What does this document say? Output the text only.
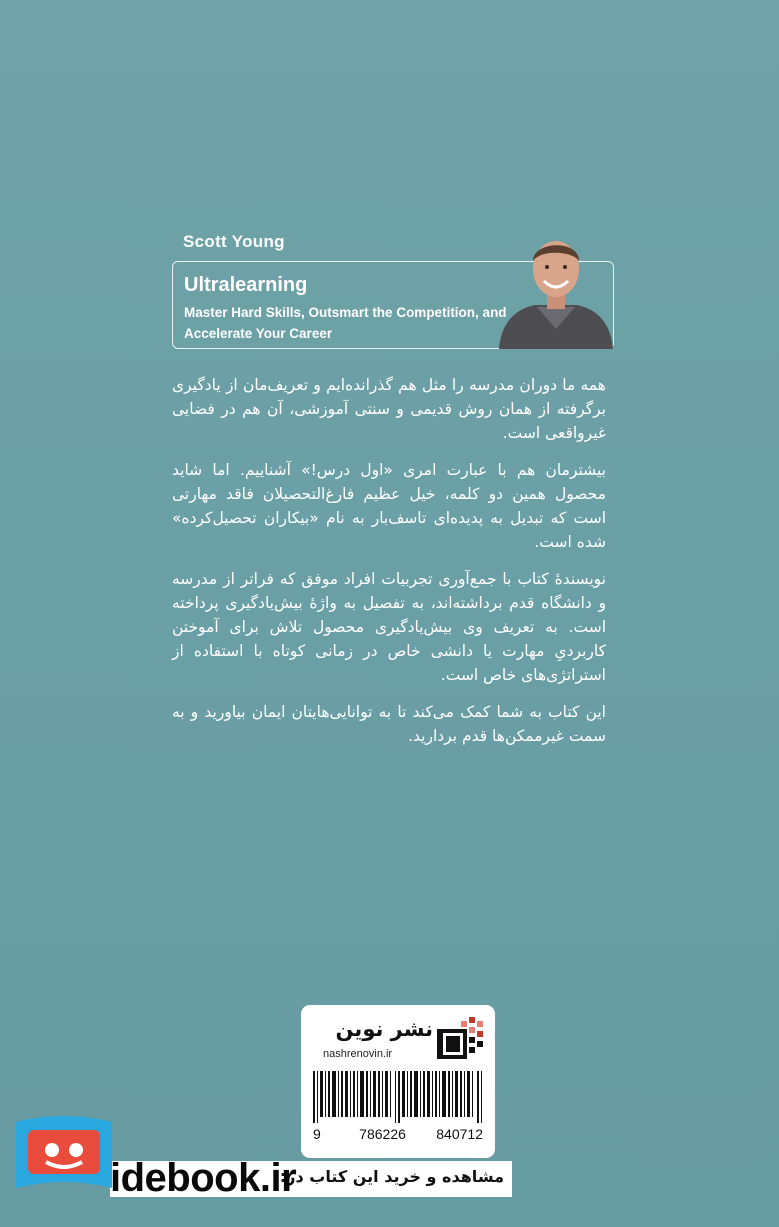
Scott Young
Ultralearning
Master Hard Skills, Outsmart the Competition, and Accelerate Your Career

همه ما دوران مدرسه را مثل هم گذرانده‌ایم و تعریف‌مان از یادگیری برگرفته از همان روش قدیمی و سنتی آموزشی، آن هم در فضایی غیرواقعی است.

بیشترمان هم با عبارت امری «اول درس!» آشناییم. اما شاید محصول همین دو کلمه، خیل عظیم فارغ‌التحصیلان فاقد مهارتی است که تبدیل به پدیده‌ای تاسف‌بار به نام «بیکاران تحصیل‌کرده» شده است.

نویسندهٔ کتاب با جمع‌آوری تجربیات افراد موفق که فراتر از مدرسه و دانشگاه قدم برداشته‌اند، به تفصیل به واژهٔ بیش‌یادگیری پرداخته است. به تعریف وی بیش‌یادگیری محصول تلاش برای آموختن کاربردیِ مهارت یا دانشی خاص در زمانی کوتاه با استفاده از استراتژی‌های خاص است.

این کتاب به شما کمک می‌کند تا به توانایی‌هایتان ایمان بیاورید و به سمت غیرممکن‌ها قدم بردارید.

نشر نوین
nashrenovin.ir
9	786226 840712
مشاهده و خرید این کتاب در:
idebook.ir
